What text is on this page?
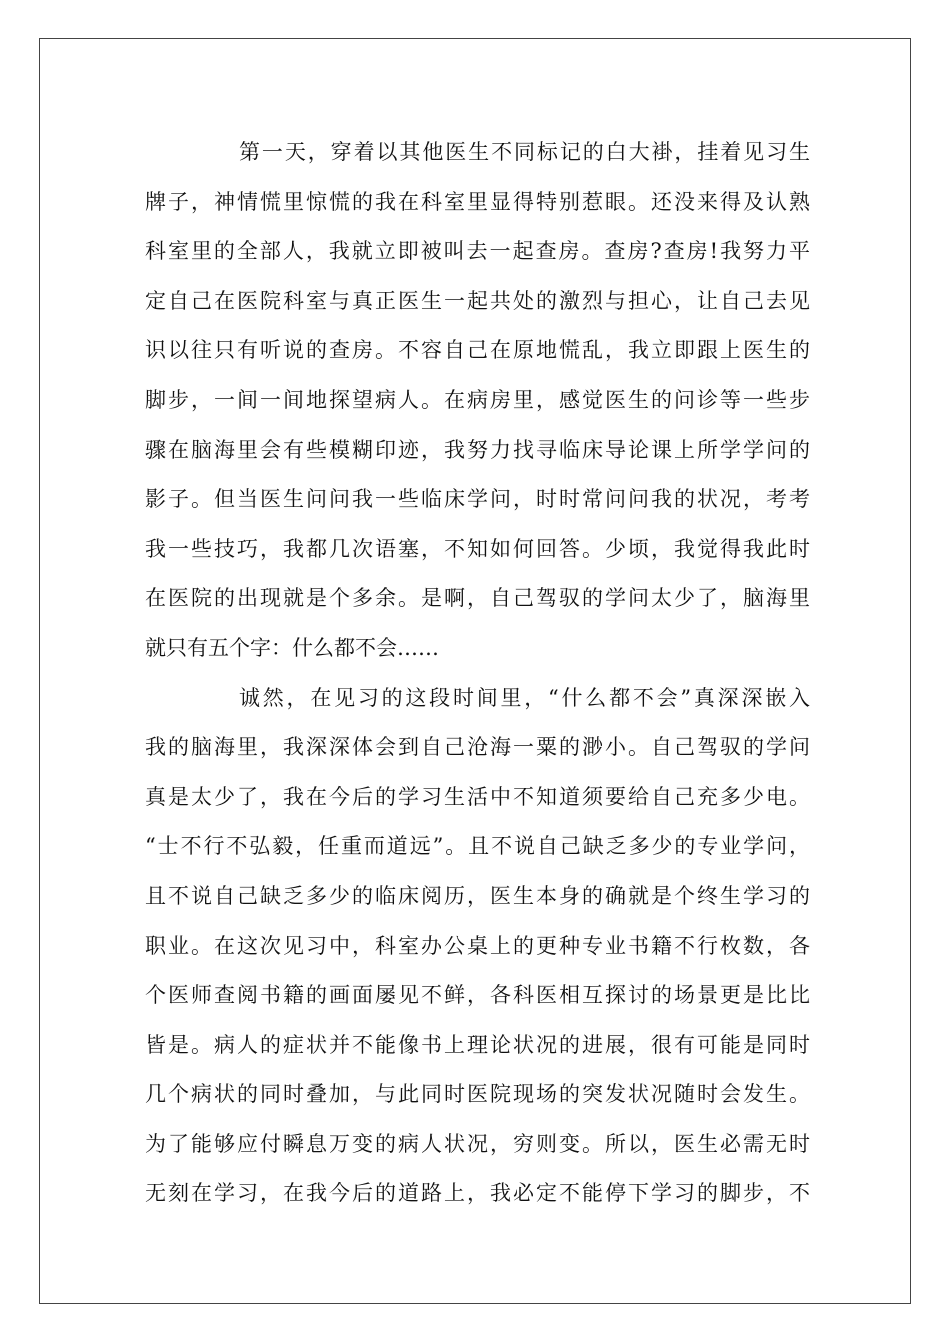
第一天，穿着以其他医生不同标记的白大褂，挂着见习生
牌子，神情慌里惊慌的我在科室里显得特别惹眼。还没来得及认熟
科室里的全部人，我就立即被叫去一起查房。查房?查房!我努力平
定自己在医院科室与真正医生一起共处的激烈与担心，让自己去见
识以往只有听说的查房。不容自己在原地慌乱，我立即跟上医生的
脚步，一间一间地探望病人。在病房里，感觉医生的问诊等一些步
骤在脑海里会有些模糊印迹，我努力找寻临床导论课上所学学问的
影子。但当医生问问我一些临床学问，时时常问问我的状况，考考
我一些技巧，我都几次语塞，不知如何回答。少顷，我觉得我此时
在医院的出现就是个多余。是啊，自己驾驭的学问太少了，脑海里
就只有五个字：什么都不会……
诚然，在见习的这段时间里，“什么都不会”真深深嵌入
我的脑海里，我深深体会到自己沧海一粟的渺小。自己驾驭的学问
真是太少了，我在今后的学习生活中不知道须要给自己充多少电。
“士不行不弘毅，任重而道远”。且不说自己缺乏多少的专业学问，
且不说自己缺乏多少的临床阅历，医生本身的确就是个终生学习的
职业。在这次见习中，科室办公桌上的更种专业书籍不行枚数，各
个医师查阅书籍的画面屡见不鲜，各科医相互探讨的场景更是比比
皆是。病人的症状并不能像书上理论状况的进展，很有可能是同时
几个病状的同时叠加，与此同时医院现场的突发状况随时会发生。
为了能够应付瞬息万变的病人状况，穷则变。所以，医生必需无时
无刻在学习，在我今后的道路上，我必定不能停下学习的脚步，不
